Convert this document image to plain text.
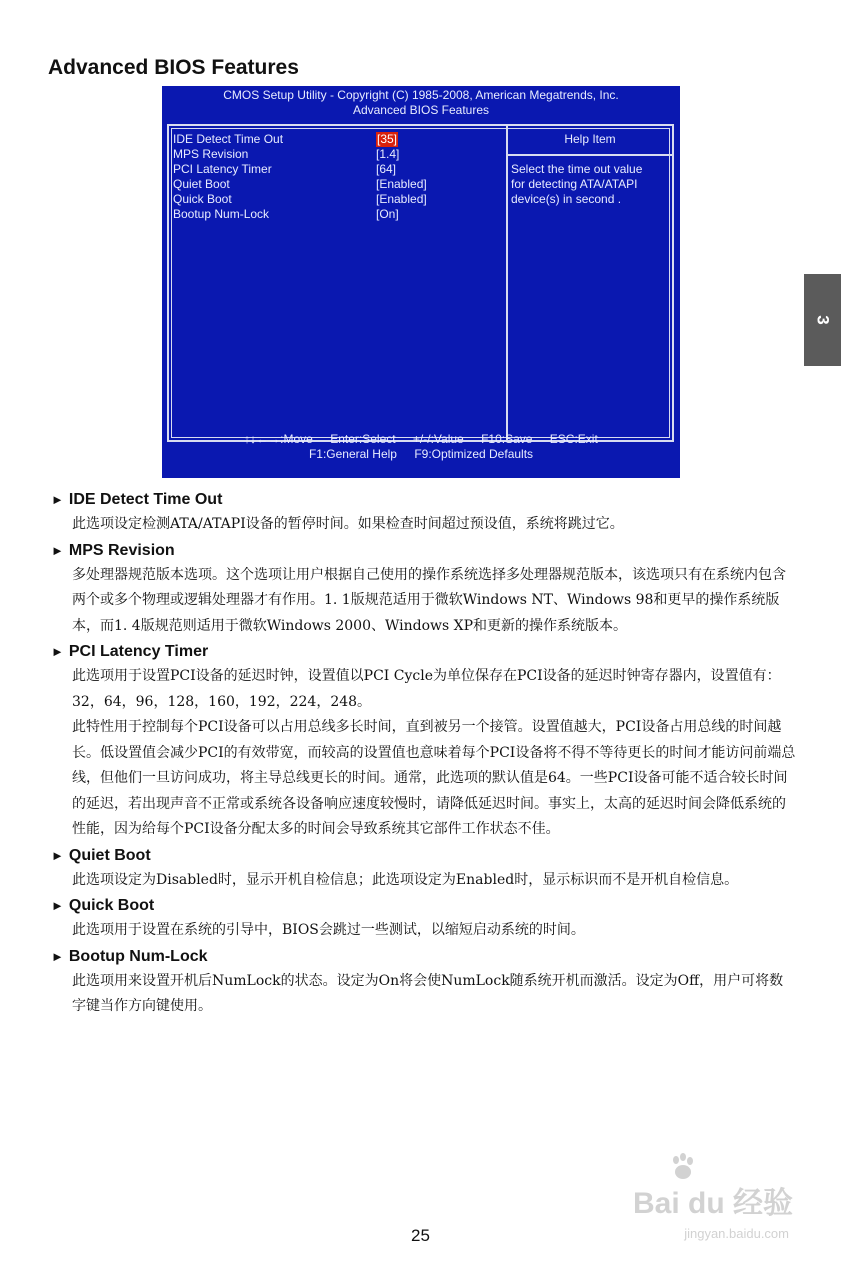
Advanced BIOS Features
CMOS Setup Utility - Copyright (C) 1985-2008, American Megatrends, Inc.
Advanced BIOS Features
IDE Detect Time Out	[35]
MPS Revision	[1.4]
PCI Latency Timer	[64]
Quiet Boot	[Enabled]
Quick Boot	[Enabled]
Bootup Num-Lock	[On]
Help Item
Select the time out value for detecting ATA/ATAPI device(s) in second .
↑↓←→:Move Enter:Select +/-/:Value F10:Save ESC:Exit
F1:General Help F9:Optimized Defaults
3
► IDE Detect Time Out
此选项设定检测ATA/ATAPI设备的暂停时间。如果检查时间超过预设值，系统将跳过它。
► MPS Revision
多处理器规范版本选项。这个选项让用户根据自己使用的操作系统选择多处理器规范版本，该选项只有在系统内包含两个或多个物理或逻辑处理器才有作用。1. 1版规范适用于微软Windows NT、Windows 98和更早的操作系统版本，而1. 4版规范则适用于微软Windows 2000、Windows XP和更新的操作系统版本。
► PCI Latency Timer
此选项用于设置PCI设备的延迟时钟，设置值以PCI Cycle为单位保存在PCI设备的延迟时钟寄存器内，设置值有：32，64，96，128，160，192，224，248。
此特性用于控制每个PCI设备可以占用总线多长时间，直到被另一个接管。设置值越大，PCI设备占用总线的时间越长。低设置值会减少PCI的有效带宽，而较高的设置值也意味着每个PCI设备将不得不等待更长的时间才能访问前端总线，但他们一旦访问成功，将主导总线更长的时间。通常，此选项的默认值是64。一些PCI设备可能不适合较长时间的延迟，若出现声音不正常或系统各设备响应速度较慢时，请降低延迟时间。事实上，太高的延迟时间会降低系统的性能，因为给每个PCI设备分配太多的时间会导致系统其它部件工作状态不佳。
► Quiet Boot
此选项设定为Disabled时，显示开机自检信息；此选项设定为Enabled时，显示标识而不是开机自检信息。
► Quick Boot
此选项用于设置在系统的引导中，BIOS会跳过一些测试，以缩短启动系统的时间。
► Bootup Num-Lock
此选项用来设置开机后NumLock的状态。设定为On将会使NumLock随系统开机而激活。设定为Off，用户可将数字键当作方向键使用。
Bai du 经验
jingyan.baidu.com
25
